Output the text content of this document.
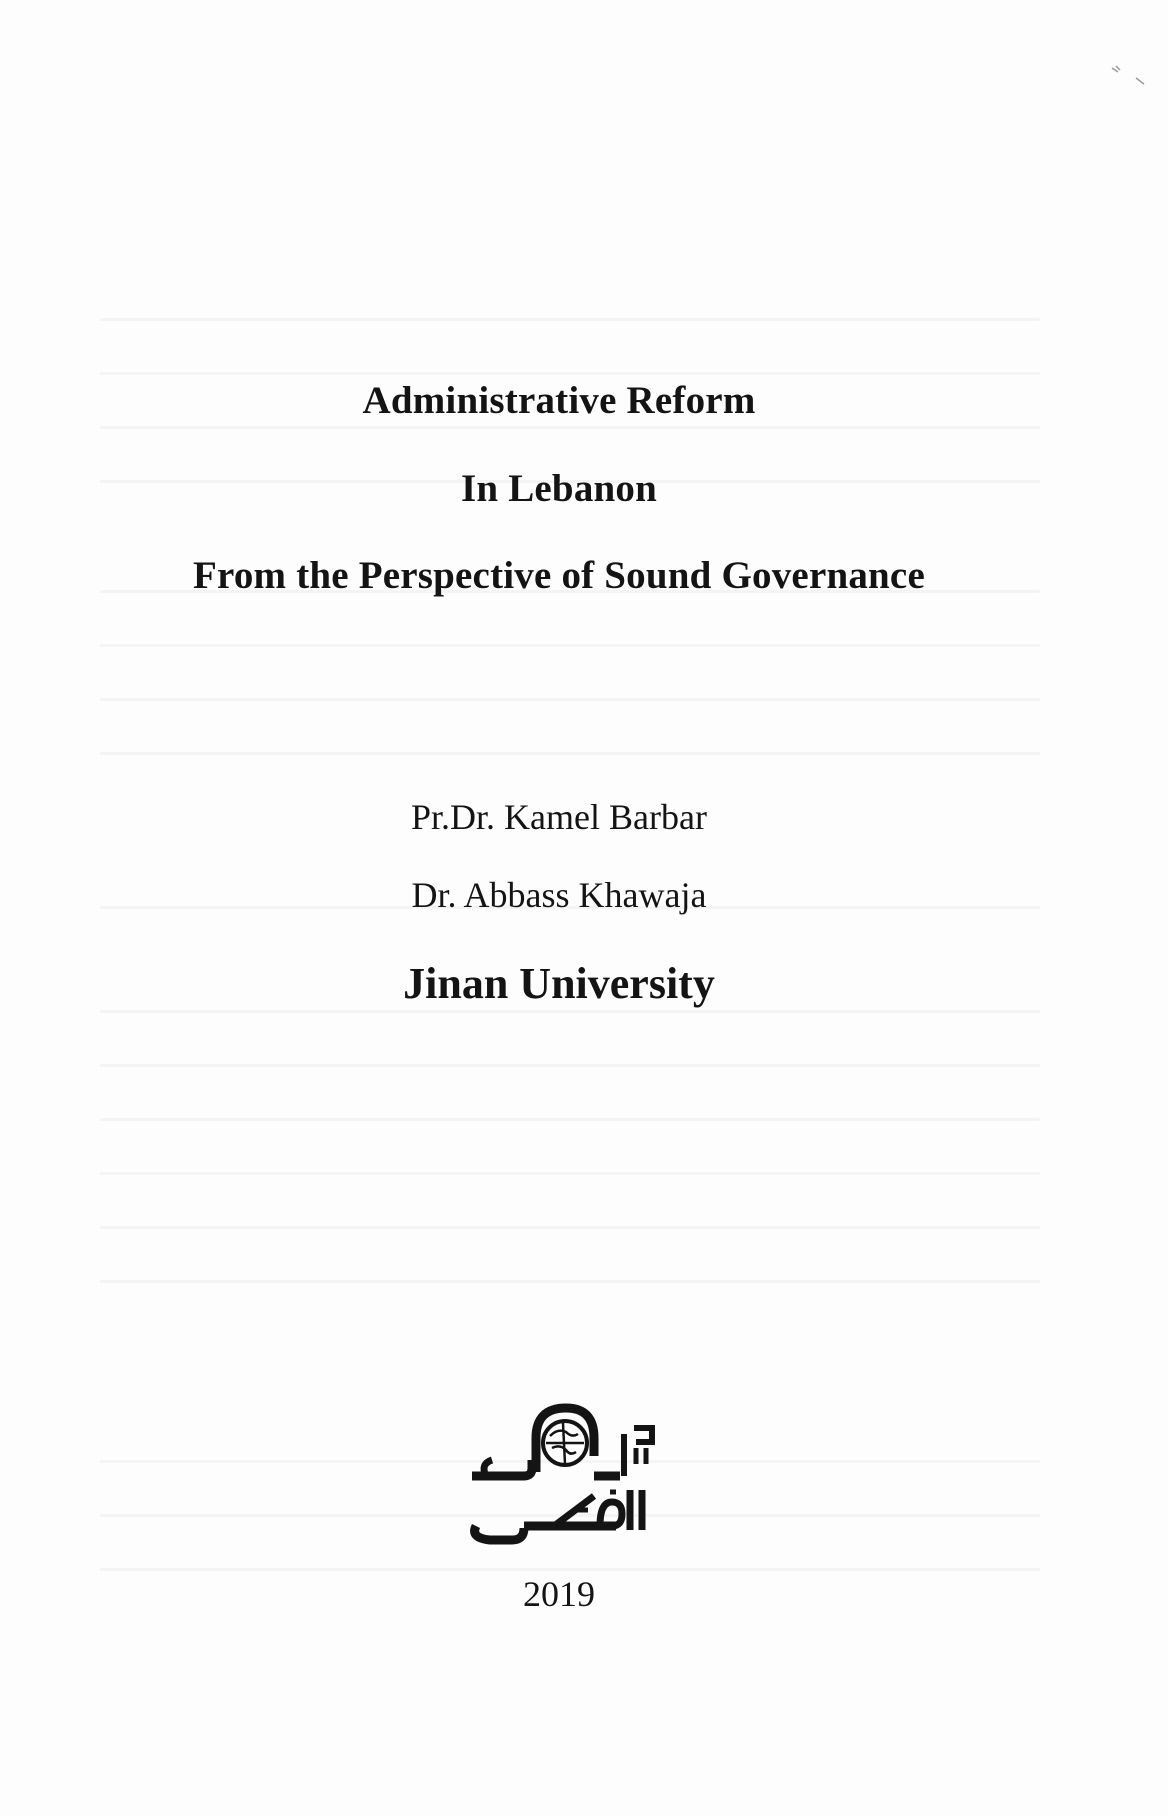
Administrative Reform
In Lebanon
From the Perspective of Sound Governance
Pr.Dr. Kamel Barbar
Dr. Abbass Khawaja
Jinan University
2019
